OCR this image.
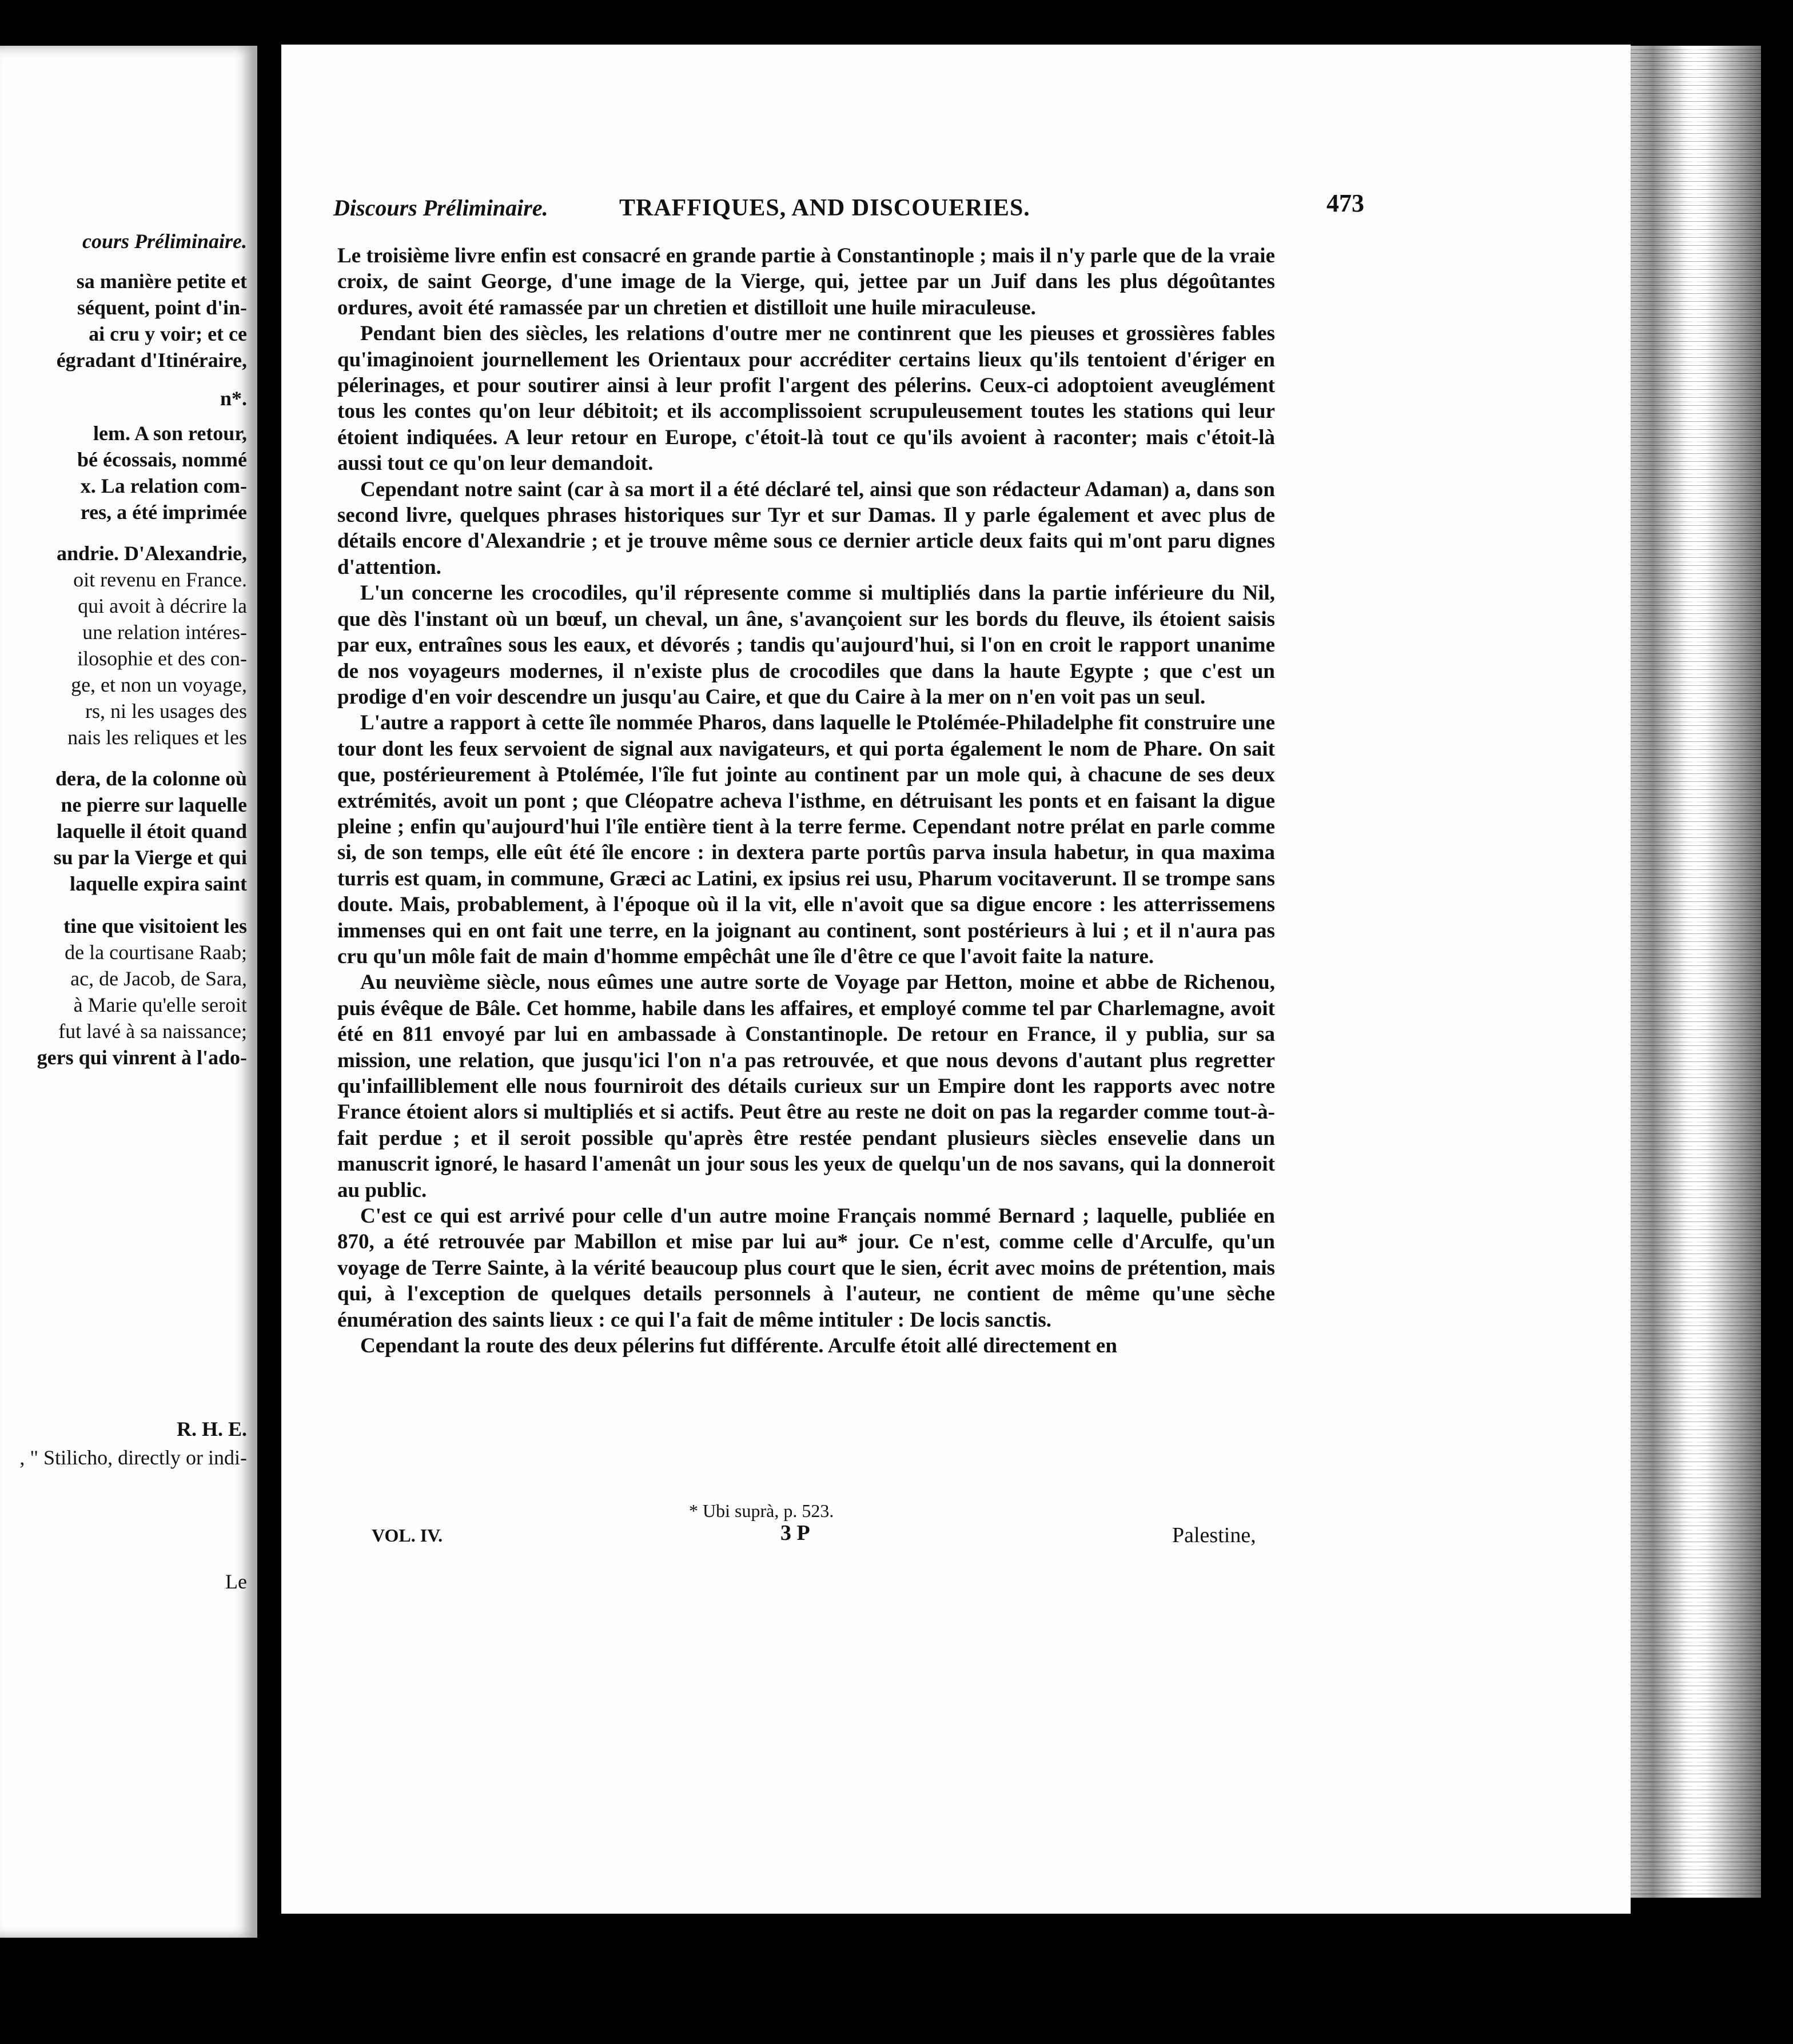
cours Préliminaire.
sa manière petite et
séquent, point d'in-
ai cru y voir; et ce
égradant d'Itinéraire,
n*.
lem. A son retour,
bé écossais, nommé
x. La relation com-
res, a été imprimée
andrie. D'Alexandrie,
oit revenu en France.
qui avoit à décrire la
une relation intéres-
ilosophie et des con-
ge, et non un voyage,
rs, ni les usages des
nais les reliques et les
dera, de la colonne où
ne pierre sur laquelle
laquelle il étoit quand
su par la Vierge et qui
laquelle expira saint
tine que visitoient les
de la courtisane Raab;
ac, de Jacob, de Sara,
à Marie qu'elle seroit
fut lavé à sa naissance;
gers qui vinrent à l'ado-
R. H. E.
, " Stilicho, directly or indi-
Le
Discours Préliminaire.	TRAFFIQUES, AND DISCOUERIES.	473

Le troisième livre enfin est consacré en grande partie à Constantinople ; mais il n'y parle que de la vraie croix, de saint George, d'une image de la Vierge, qui, jettee par un Juif dans les plus dégoûtantes ordures, avoit été ramassée par un chretien et distilloit une huile miraculeuse.

Pendant bien des siècles, les relations d'outre mer ne continrent que les pieuses et grossières fables qu'imaginoient journellement les Orientaux pour accréditer certains lieux qu'ils tentoient d'ériger en pélerinages, et pour soutirer ainsi à leur profit l'argent des pélerins. Ceux-ci adoptoient aveuglément tous les contes qu'on leur débitoit; et ils accomplissoient scrupuleusement toutes les stations qui leur étoient indiquées. A leur retour en Europe, c'étoit-là tout ce qu'ils avoient à raconter; mais c'étoit-là aussi tout ce qu'on leur demandoit.

Cependant notre saint (car à sa mort il a été déclaré tel, ainsi que son rédacteur Adaman) a, dans son second livre, quelques phrases historiques sur Tyr et sur Damas. Il y parle également et avec plus de détails encore d'Alexandrie ; et je trouve même sous ce dernier article deux faits qui m'ont paru dignes d'attention.

L'un concerne les crocodiles, qu'il répresente comme si multipliés dans la partie inférieure du Nil, que dès l'instant où un bœuf, un cheval, un âne, s'avançoient sur les bords du fleuve, ils étoient saisis par eux, entraînes sous les eaux, et dévorés ; tandis qu'aujourd'hui, si l'on en croit le rapport unanime de nos voyageurs modernes, il n'existe plus de crocodiles que dans la haute Egypte ; que c'est un prodige d'en voir descendre un jusqu'au Caire, et que du Caire à la mer on n'en voit pas un seul.

L'autre a rapport à cette île nommée Pharos, dans laquelle le Ptolémée-Philadelphe fit construire une tour dont les feux servoient de signal aux navigateurs, et qui porta également le nom de Phare. On sait que, postérieurement à Ptolémée, l'île fut jointe au continent par un mole qui, à chacune de ses deux extrémités, avoit un pont ; que Cléopatre acheva l'isthme, en détruisant les ponts et en faisant la digue pleine ; enfin qu'aujourd'hui l'île entière tient à la terre ferme. Cependant notre prélat en parle comme si, de son temps, elle eût été île encore : in dextera parte portûs parva insula habetur, in qua maxima turris est quam, in commune, Græci ac Latini, ex ipsius rei usu, Pharum vocitaverunt. Il se trompe sans doute. Mais, probablement, à l'époque où il la vit, elle n'avoit que sa digue encore : les atterrissemens immenses qui en ont fait une terre, en la joignant au continent, sont postérieurs à lui ; et il n'aura pas cru qu'un môle fait de main d'homme empêchât une île d'être ce que l'avoit faite la nature.

Au neuvième siècle, nous eûmes une autre sorte de Voyage par Hetton, moine et abbe de Richenou, puis évêque de Bâle. Cet homme, habile dans les affaires, et employé comme tel par Charlemagne, avoit été en 811 envoyé par lui en ambassade à Constantinople. De retour en France, il y publia, sur sa mission, une relation, que jusqu'ici l'on n'a pas retrouvée, et que nous devons d'autant plus regretter qu'infailliblement elle nous fourniroit des détails curieux sur un Empire dont les rapports avec notre France étoient alors si multipliés et si actifs. Peut être au reste ne doit on pas la regarder comme tout-à-fait perdue ; et il seroit possible qu'après être restée pendant plusieurs siècles ensevelie dans un manuscrit ignoré, le hasard l'amenât un jour sous les yeux de quelqu'un de nos savans, qui la donneroit au public.

C'est ce qui est arrivé pour celle d'un autre moine Français nommé Bernard ; laquelle, publiée en 870, a été retrouvée par Mabillon et mise par lui au* jour. Ce n'est, comme celle d'Arculfe, qu'un voyage de Terre Sainte, à la vérité beaucoup plus court que le sien, écrit avec moins de prétention, mais qui, à l'exception de quelques details personnels à l'auteur, ne contient de même qu'une sèche énumération des saints lieux : ce qui l'a fait de même intituler : De locis sanctis.

Cependant la route des deux pélerins fut différente. Arculfe étoit allé directement en

* Ubi suprà, p. 523.
3 P
VOL. IV.	Palestine,
